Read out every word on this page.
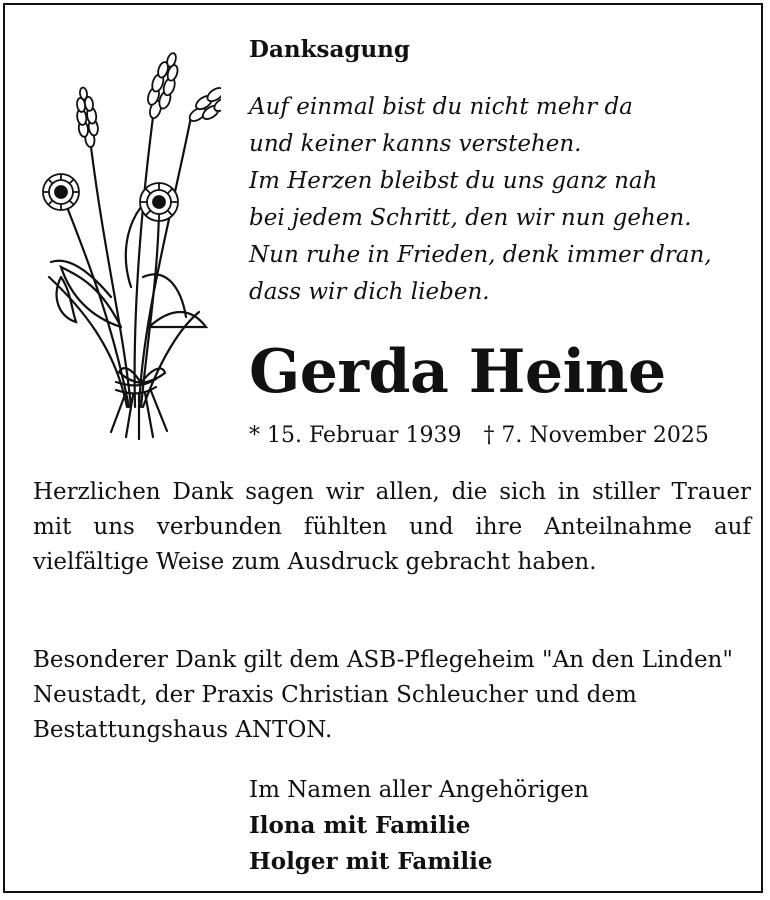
Danksagung
Auf einmal bist du nicht mehr da
und keiner kanns verstehen.
Im Herzen bleibst du uns ganz nah
bei jedem Schritt, den wir nun gehen.
Nun ruhe in Frieden, denk immer dran,
dass wir dich lieben.
Gerda Heine
* 15. Februar 1939 † 7. November 2025
Herzlichen Dank sagen wir allen, die sich in stiller Trauer mit uns verbunden fühlten und ihre Anteilnahme auf vielfältige Weise zum Ausdruck gebracht haben.
Besonderer Dank gilt dem ASB-Pflegeheim "An den Linden" Neustadt, der Praxis Christian Schleucher und dem Bestattungshaus ANTON.
Im Namen aller Angehörigen
Ilona mit Familie
Holger mit Familie
